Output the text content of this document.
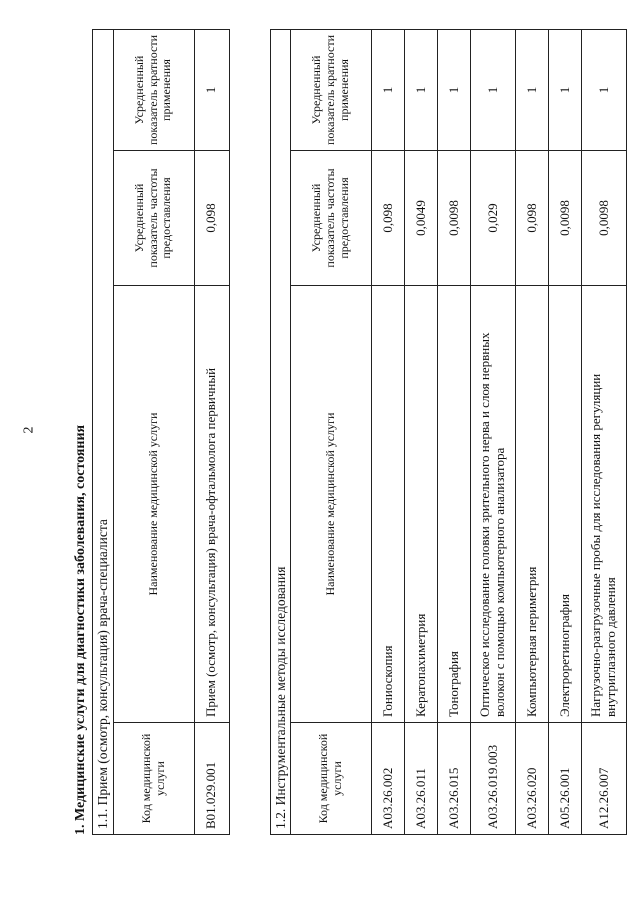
2	1. Медицинские услуги для диагностики заболевания, состояния 1.1. Прием (осмотр, консультация) врача-специалиста			
Код медицинской услуги	Наименование медицинской услуги	Усредненный показатель частоты предоставления	Усредненный показатель кратности применения
B01.029.001	Прием (осмотр, консультация) врача-офтальмолога первичный	0,098	1
1.2. Инструментальные методы исследования			
Код медицинской услуги	Наименование медицинской услуги	Усредненный показатель частоты предоставления	Усредненный показатель кратности применения
A03.26.002	Гониоскопия	0,098	1
A03.26.011	Кератопахиметрия	0,0049	1
A03.26.015	Тонография	0,0098	1
A03.26.019.003	Оптическое исследование головки зрительного нерва и слоя нервных волокон с помощью компьютерного анализатора	0,029	1
A03.26.020	Компьютерная периметрия	0,098	1
A05.26.001	Электроретинография	0,0098	1
A12.26.007	Нагрузочно-разгрузочные пробы для исследования регуляции внутриглазного давления	0,0098	1
